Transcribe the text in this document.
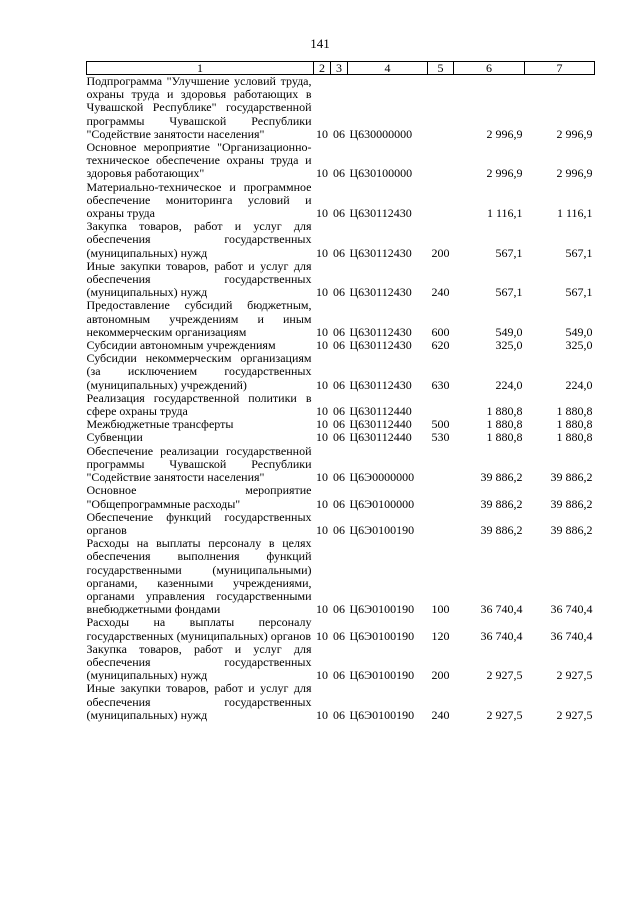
141
1	2	3	4	5	6	7
Подпрограмма "Улучшение условий труда, охраны труда и здоровья работающих в Чувашской Республике" государственной программы Чувашской Республики "Содействие занятости населения"	10	06	Ц630000000		2 996,9	2 996,9
Основное мероприятие "Организационно-техническое обеспечение охраны труда и здоровья работающих"	10	06	Ц630100000		2 996,9	2 996,9
Материально-техническое и программное обеспечение мониторинга условий и охраны труда	10	06	Ц630112430		1 116,1	1 116,1
Закупка товаров, работ и услуг для обеспечения государственных (муниципальных) нужд	10	06	Ц630112430	200	567,1	567,1
Иные закупки товаров, работ и услуг для обеспечения государственных (муниципальных) нужд	10	06	Ц630112430	240	567,1	567,1
Предоставление субсидий бюджетным, автономным учреждениям и иным некоммерческим организациям	10	06	Ц630112430	600	549,0	549,0
Субсидии автономным учреждениям	10	06	Ц630112430	620	325,0	325,0
Субсидии некоммерческим организациям (за исключением государственных (муниципальных) учреждений)	10	06	Ц630112430	630	224,0	224,0
Реализация государственной политики в сфере охраны труда	10	06	Ц630112440		1 880,8	1 880,8
Межбюджетные трансферты	10	06	Ц630112440	500	1 880,8	1 880,8
Субвенции	10	06	Ц630112440	530	1 880,8	1 880,8
Обеспечение реализации государственной программы Чувашской Республики "Содействие занятости населения"	10	06	Ц6Э0000000		39 886,2	39 886,2
Основное мероприятие "Общепрограммные расходы"	10	06	Ц6Э0100000		39 886,2	39 886,2
Обеспечение функций государственных органов	10	06	Ц6Э0100190		39 886,2	39 886,2
Расходы на выплаты персоналу в целях обеспечения выполнения функций государственными (муниципальными) органами, казенными учреждениями, органами управления государственными внебюджетными фондами	10	06	Ц6Э0100190	100	36 740,4	36 740,4
Расходы на выплаты персоналу государственных (муниципальных) органов	10	06	Ц6Э0100190	120	36 740,4	36 740,4
Закупка товаров, работ и услуг для обеспечения государственных (муниципальных) нужд	10	06	Ц6Э0100190	200	2 927,5	2 927,5
Иные закупки товаров, работ и услуг для обеспечения государственных (муниципальных) нужд	10	06	Ц6Э0100190	240	2 927,5	2 927,5
